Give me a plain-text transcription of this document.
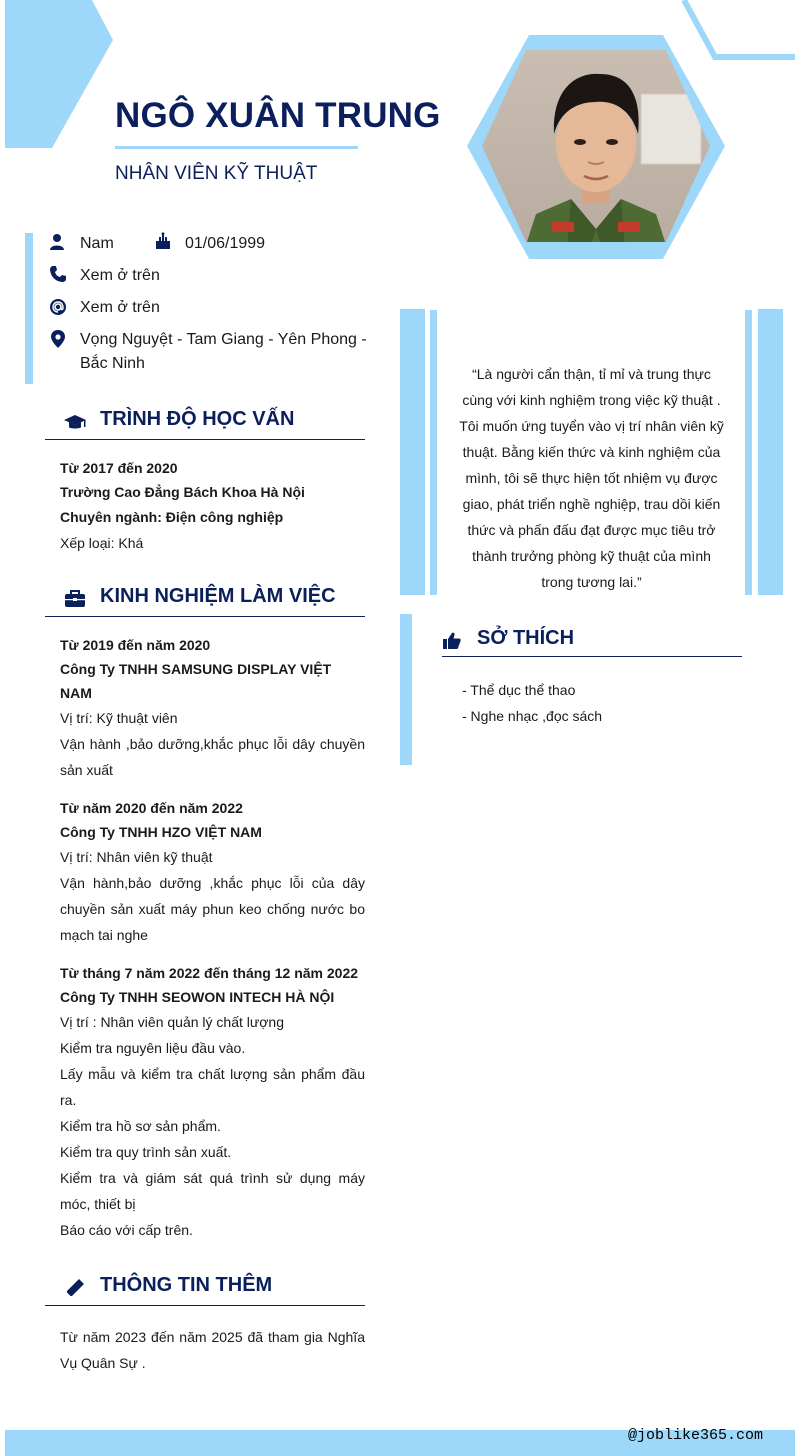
NGÔ XUÂN TRUNG
NHÂN VIÊN KỸ THUẬT
Nam	01/06/1999
Xem ở trên
Xem ở trên
Vọng Nguyệt - Tam Giang - Yên Phong - Bắc Ninh
TRÌNH ĐỘ HỌC VẤN
Từ 2017 đến 2020
Trường Cao Đẳng Bách Khoa Hà Nội
Chuyên ngành: Điện công nghiệp
Xếp loại: Khá
KINH NGHIỆM LÀM VIỆC
Từ 2019 đến năm 2020
Công Ty TNHH SAMSUNG DISPLAY VIỆT NAM
Vị trí: Kỹ thuật viên
Vận hành ,bảo dưỡng,khắc phục lỗi dây chuyền sản xuất
Từ năm 2020 đến năm 2022
Công Ty TNHH HZO VIỆT NAM
Vị trí: Nhân viên kỹ thuật
Vận hành,bảo dưỡng ,khắc phục lỗi của dây chuyền sản xuất máy phun keo chống nước bo mạch tai nghe
Từ tháng 7 năm 2022 đến tháng 12 năm 2022
Công Ty TNHH SEOWON INTECH HÀ NỘI
Vị trí : Nhân viên quản lý chất lượng
Kiểm tra nguyên liệu đầu vào.
Lấy mẫu và kiểm tra chất lượng sản phẩm đầu ra.
Kiểm tra hồ sơ sản phẩm.
Kiểm tra quy trình sản xuất.
Kiểm tra và giám sát quá trình sử dụng máy móc, thiết bị
Báo cáo với cấp trên.
THÔNG TIN THÊM
Từ năm 2023 đến năm 2025 đã tham gia Nghĩa Vụ Quân Sự .
“Là người cẩn thận, tỉ mỉ và trung thực cùng với kinh nghiệm trong việc kỹ thuật . Tôi muốn ứng tuyển vào vị trí nhân viên kỹ thuật. Bằng kiến thức và kinh nghiệm của mình, tôi sẽ thực hiện tốt nhiệm vụ được giao, phát triển nghề nghiệp, trau dồi kiến thức và phấn đấu đạt được mục tiêu trở thành trưởng phòng kỹ thuật của mình trong tương lai.”
SỞ THÍCH
- Thể dục thể thao
- Nghe nhạc ,đọc sách
@joblike365.com
